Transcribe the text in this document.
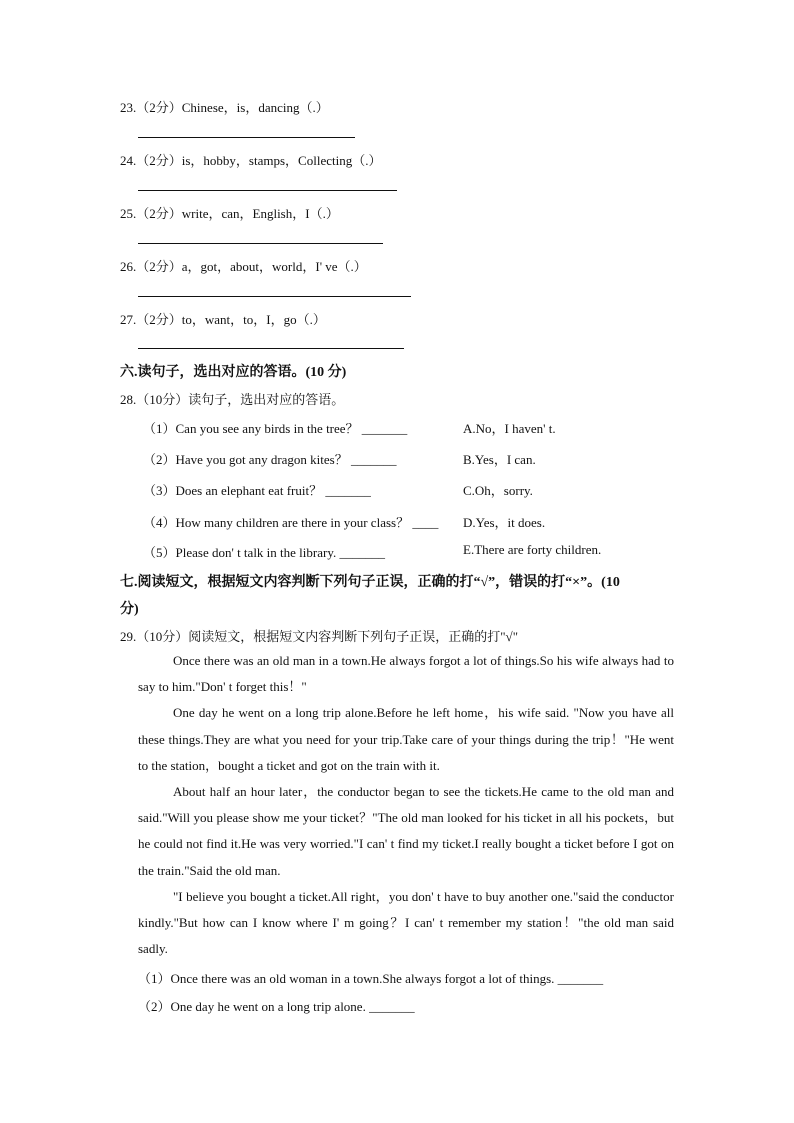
23.（2分）Chinese，is，dancing（.）
24.（2分）is，hobby，stamps，Collecting（.）
25.（2分）write，can，English，I（.）
26.（2分）a，got，about，world，I' ve（.）
27.（2分）to，want，to，I，go（.）
六.读句子，选出对应的答语。(10 分)
28.（10分）读句子，选出对应的答语。
（1）Can you see any birds in the tree？ _______	A.No，I haven' t.
（2）Have you got any dragon kites？ _______	B.Yes，I can.
（3）Does an elephant eat fruit？ _______	C.Oh，sorry.
（4）How many children are there in your class？ ____ D.Yes，it does.
（5）Please don' t talk in the library. _______	E.There are forty children.
七.阅读短文，根据短文内容判断下列句子正误，正确的打“√”，错误的打“×”。(10
分)
29.（10分）阅读短文，根据短文内容判断下列句子正误，正确的打"√"
Once there was an old man in a town.He always forgot a lot of things.So his wife always had to say to him."Don' t forget this！"
One day he went on a long trip alone.Before he left home，his wife said. "Now you have all these things.They are what you need for your trip.Take care of your things during the trip！"He went to the station，bought a ticket and got on the train with it.
About half an hour later，the conductor began to see the tickets.He came to the old man and said."Will you please show me your ticket？"The old man looked for his ticket in all his pockets，but he could not find it.He was very worried."I can' t find my ticket.I really bought a ticket before I got on the train."Said the old man.
"I believe you bought a ticket.All right，you don' t have to buy another one."said the conductor kindly."But how can I know where I' m going？I can' t remember my station！"the old man said sadly.
（1）Once there was an old woman in a town.She always forgot a lot of things. _______
（2）One day he went on a long trip alone. _______
